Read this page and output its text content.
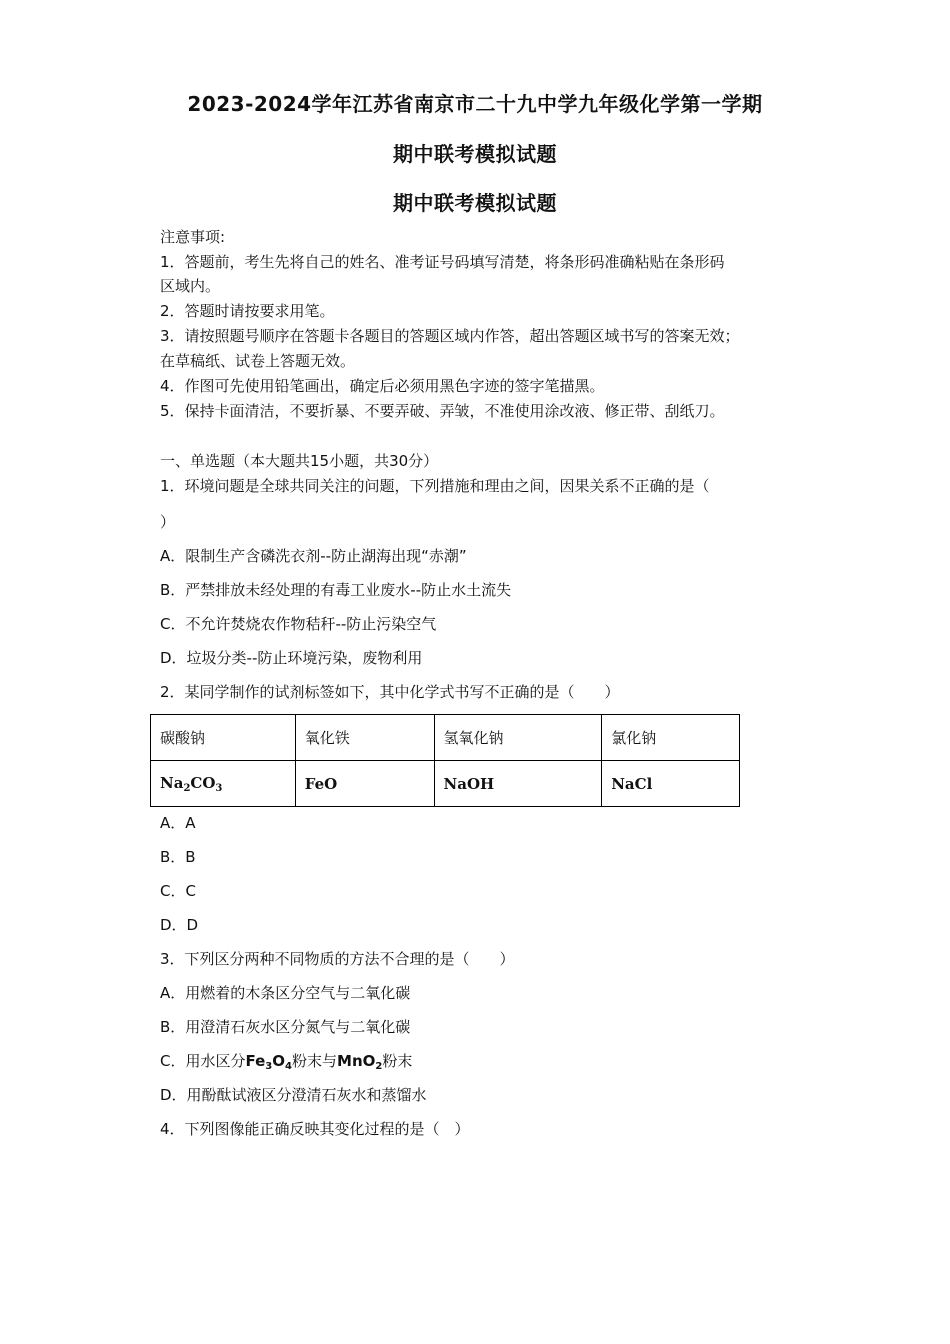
2023-2024学年江苏省南京市二十九中学九年级化学第一学期
期中联考模拟试题
期中联考模拟试题
注意事项:
1．答题前，考生先将自己的姓名、准考证号码填写清楚，将条形码准确粘贴在条形码
区域内。
2．答题时请按要求用笔。
3．请按照题号顺序在答题卡各题目的答题区域内作答，超出答题区域书写的答案无效；
在草稿纸、试卷上答题无效。
4．作图可先使用铅笔画出，确定后必须用黑色字迹的签字笔描黑。
5．保持卡面清洁，不要折暴、不要弄破、弄皱，不准使用涂改液、修正带、刮纸刀。
一、单选题（本大题共15小题，共30分）
1．环境问题是全球共同关注的问题，下列措施和理由之间，因果关系不正确的是（
）
A．限制生产含磷洗衣剂--防止湖海出现“赤潮”
B．严禁排放未经处理的有毒工业废水--防止水土流失
C．不允许焚烧农作物秸秆--防止污染空气
D．垃圾分类--防止环境污染，废物利用
2．某同学制作的试剂标签如下，其中化学式书写不正确的是（　　）
碳酸钠	氧化铁	氢氧化钠	氯化钠
$Na_2CO_3$	FeO	NaOH	NaCl
A．A
B．B
C．C
D．D
3．下列区分两种不同物质的方法不合理的是（　　）
A．用燃着的木条区分空气与二氧化碳
B．用澄清石灰水区分氮气与二氧化碳
C．用水区分$Fe_3O_4$粉末与MnO$_2$粉末
D．用酚酞试液区分澄清石灰水和蒸馏水
4．下列图像能正确反映其变化过程的是（　）
